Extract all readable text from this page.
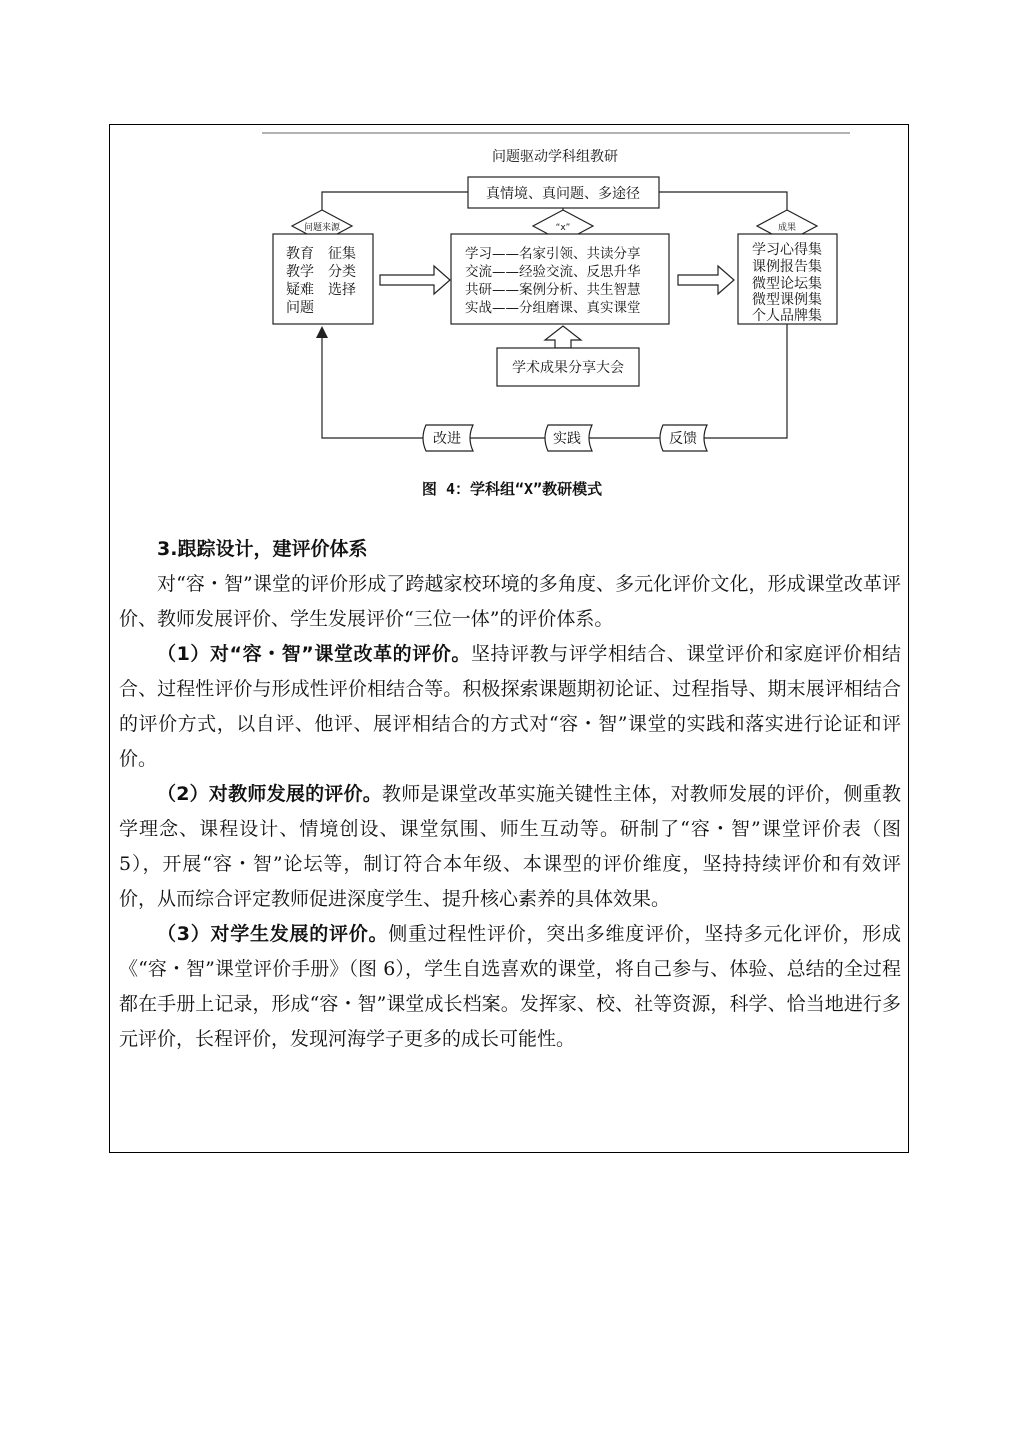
问题驱动学科组教研
真情境、真问题、多途径
问题来源	“x”	成果
教育　征集
教学　分类
疑难　选择
问题
学习——名家引领、共读分享
交流——经验交流、反思升华
共研——案例分析、共生智慧
实战——分组磨课、真实课堂
学习心得集
课例报告集
微型论坛集
微型课例集
个人品牌集
学术成果分享大会
改进	实践	反馈
图 4：学科组“X”教研模式

3.跟踪设计，建评价体系

对“容・智”课堂的评价形成了跨越家校环境的多角度、多元化评价文化，形成课堂改革评价、教师发展评价、学生发展评价“三位一体”的评价体系。

（1）对“容・智”课堂改革的评价。坚持评教与评学相结合、课堂评价和家庭评价相结合、过程性评价与形成性评价相结合等。积极探索课题期初论证、过程指导、期末展评相结合的评价方式，以自评、他评、展评相结合的方式对“容・智”课堂的实践和落实进行论证和评价。

（2）对教师发展的评价。教师是课堂改革实施关键性主体，对教师发展的评价，侧重教学理念、课程设计、情境创设、课堂氛围、师生互动等。研制了“容・智”课堂评价表（图 5），开展“容・智”论坛等，制订符合本年级、本课型的评价维度，坚持持续评价和有效评价，从而综合评定教师促进深度学生、提升核心素养的具体效果。

（3）对学生发展的评价。侧重过程性评价，突出多维度评价，坚持多元化评价，形成《“容・智”课堂评价手册》（图 6），学生自选喜欢的课堂，将自己参与、体验、总结的全过程都在手册上记录，形成“容・智”课堂成长档案。发挥家、校、社等资源，科学、恰当地进行多元评价，长程评价，发现河海学子更多的成长可能性。
